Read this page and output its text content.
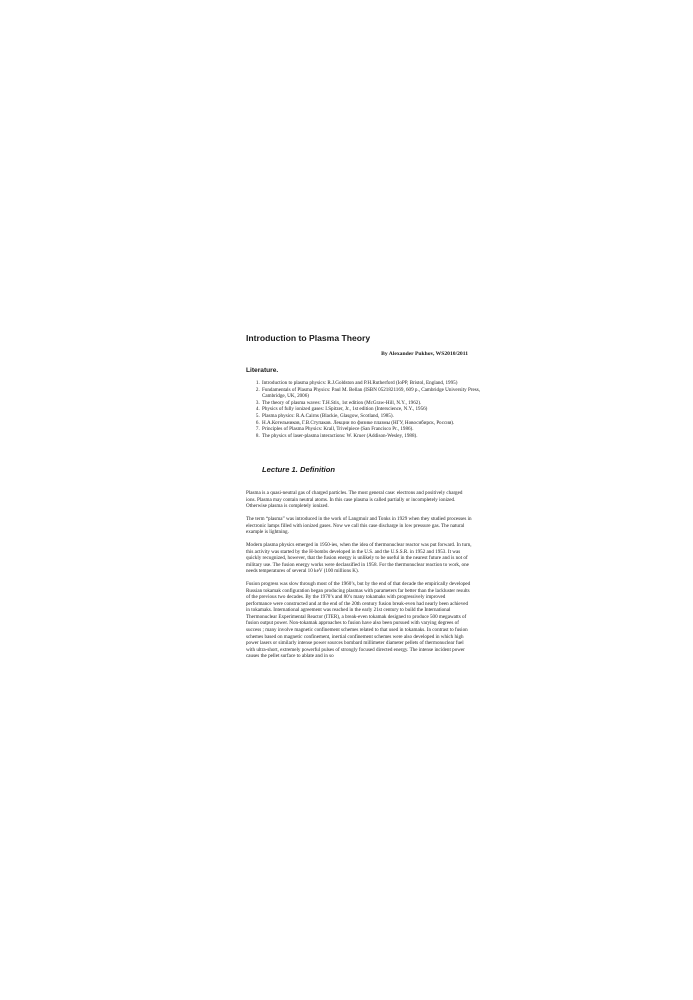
Introduction to Plasma Theory
By Alexander Pukhov, WS2010/2011
Literature.
1. Introduction to plasma physics: R.J.Goldston and P.H.Rutherford (IoPP, Bristol, England, 1995)
2. Fundamentals of Plasma Physics: Paul M. Bellan (ISBN 0521821169, 609 p., Cambridge University Press, Cambridge, UK, 2006)
3. The theory of plasma waves: T.H.Stix, 1st edition (McGraw-Hill, N.Y., 1962).
4. Physics of fully ionized gases: I.Spitzer, Jr., 1st edition (Interscience, N.Y., 1956)
5. Plasma physics: R.A.Cairns (Blackie, Glasgow, Scotland, 1985).
6. Н.А.Котельников, Г.В.Ступаков. Лекции по физике плазмы (НГУ, Новосибирск, Россия).
7. Principles of Plasma Physics: Krall, Trivelpiece (San Francisco Pr., 1986).
8. The physics of laser-plasma interactions: W. Kruer (Addison-Wesley, 1988).
Lecture 1. Definition

Plasma is a quasi-neutral gas of charged particles. The most general case: electrons and positively charged ions. Plasma may contain neutral atoms. In this case plasma is called partially or incompletely ionized. Otherwise plasma is completely ionized.

The term “plasma” was introduced in the work of Langmuir and Tonks in 1929 when they studied processes in electronic lamps filled with ionized gases. Now we call this case discharge in low pressure gas. The natural example is lightning.

Modern plasma physics emerged in 1950-ies, when the idea of thermonuclear reactor was put forward. In turn, this activity was started by the H-bombs developed in the U.S. and the U.S.S.R. in 1952 and 1953. It was quickly recognized, however, that the fusion energy is unlikely to be useful in the nearest future and is not of military use. The fusion energy works were declassified in 1958. For the thermonuclear reaction to work, one needs temperatures of several 10 keV (100 millions K).

Fusion progress was slow through most of the 1960’s, but by the end of that decade the empirically developed Russian tokamak configuration began producing plasmas with parameters far better than the lackluster results of the previous two decades. By the 1970’s and 80’s many tokamaks with progressively improved performance were constructed and at the end of the 20th century fusion break-even had nearly been achieved in tokamaks. International agreement was reached in the early 21st century to build the International Thermonuclear Experimental Reactor (ITER), a break-even tokamak designed to produce 500 megawatts of fusion output power. Non-tokamak approaches to fusion have also been pursued with varying degrees of success ; many involve magnetic confinement schemes related to that used in tokamaks. In contrast to fusion schemes based on magnetic confinement, inertial confinement schemes were also developed in which high power lasers or similarly intense power sources bombard millimeter diameter pellets of thermonuclear fuel with ultra-short, extremely powerful pulses of strongly focused directed energy. The intense incident power causes the pellet surface to ablate and in so
